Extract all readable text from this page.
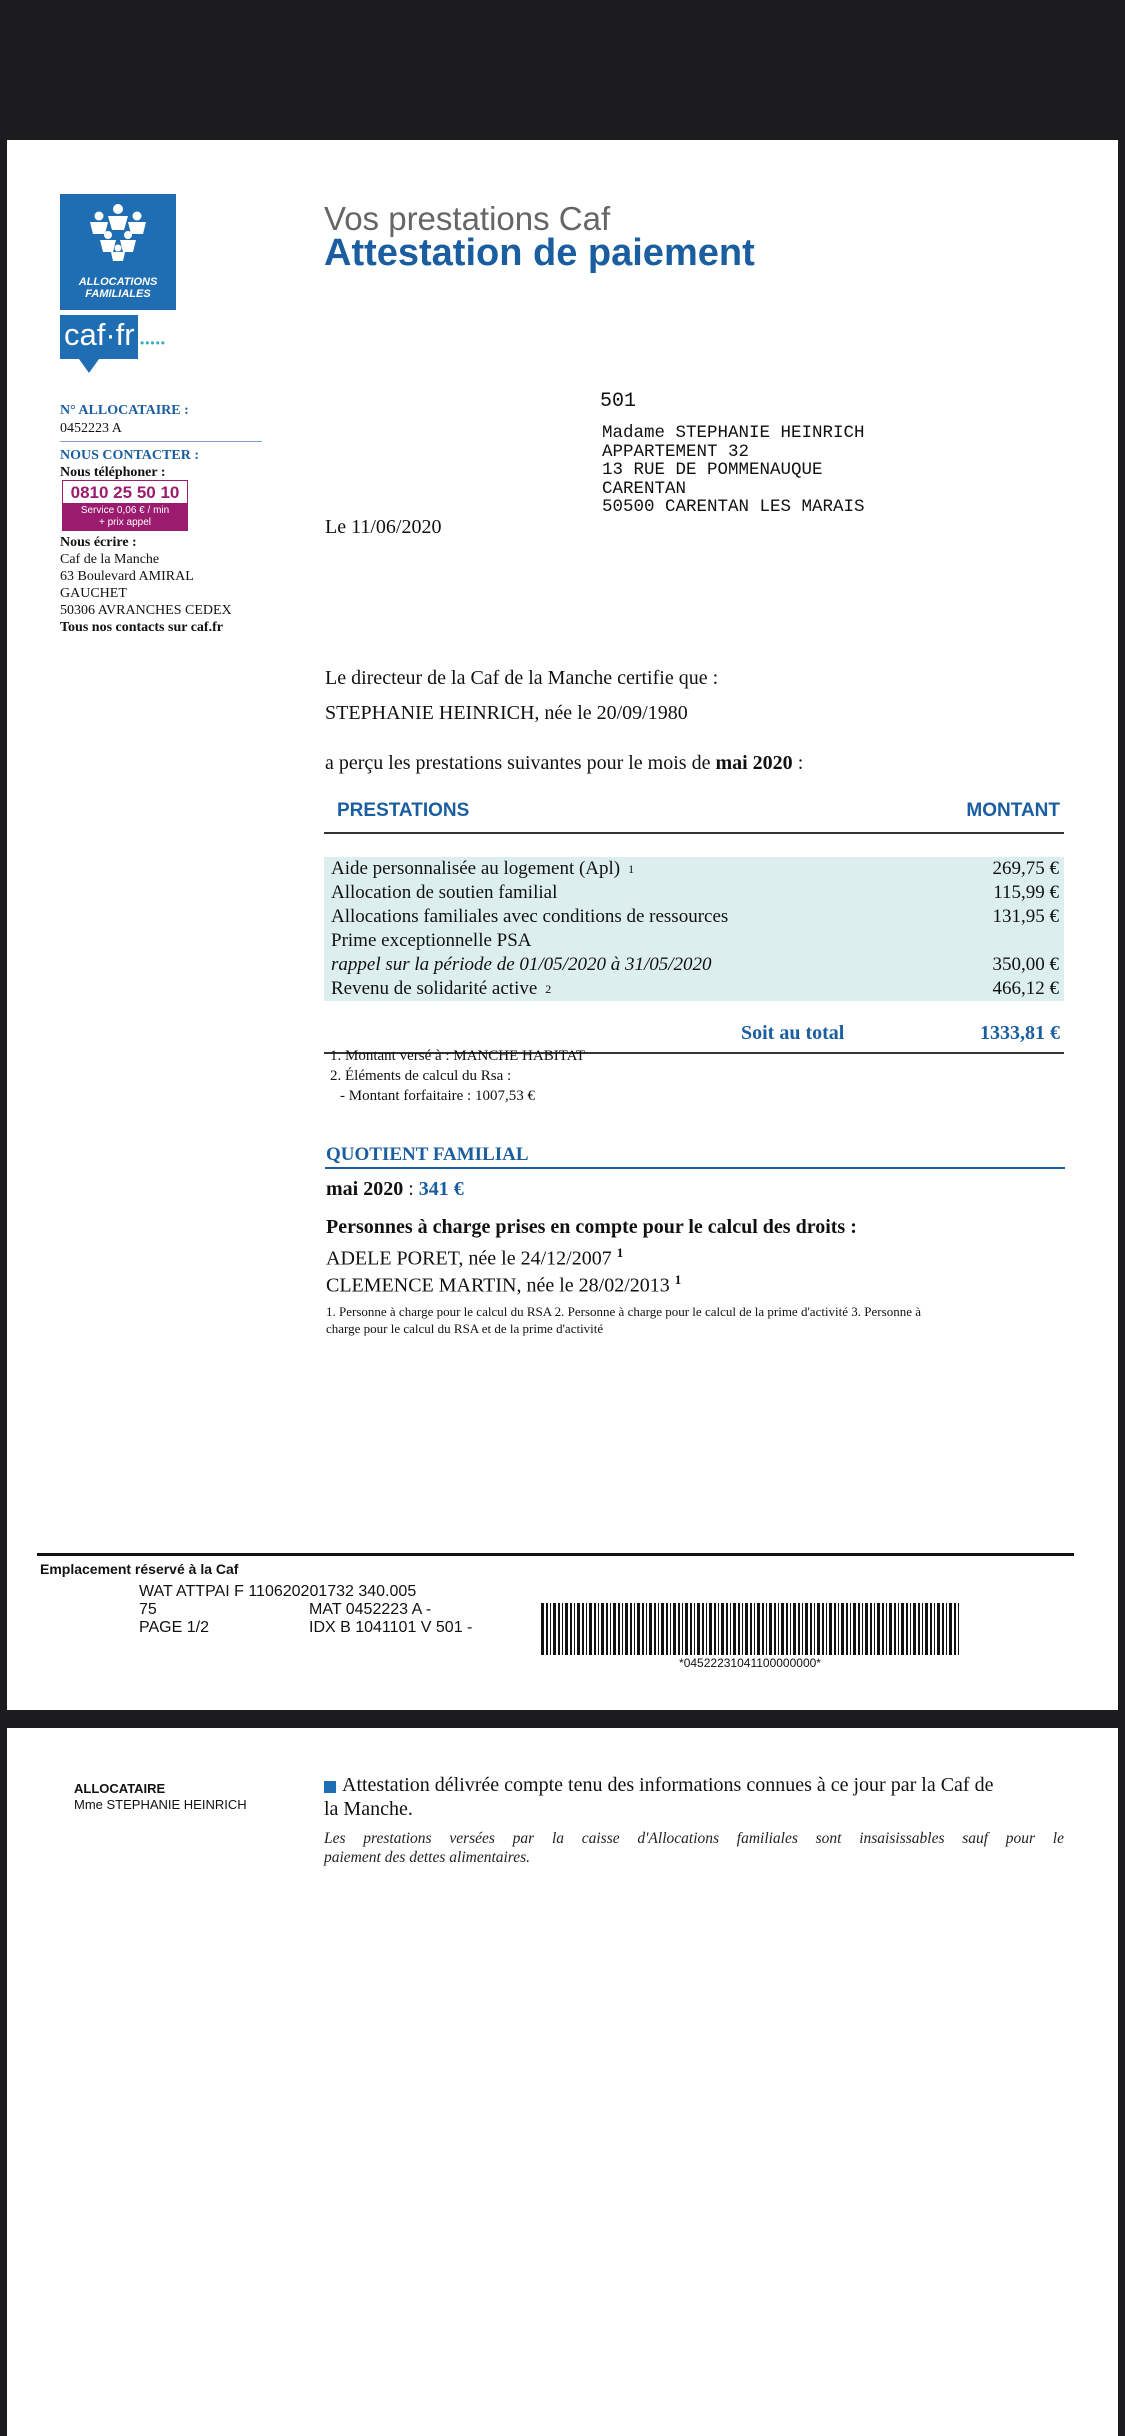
ALLOCATIONS
FAMILIALES
caf·fr •••••
N° ALLOCATAIRE :
0452223 A
NOUS CONTACTER :
Nous téléphoner :
0810 25 50 10
Service 0,06 € / min
+ prix appel
Nous écrire :
Caf de la Manche
63 Boulevard AMIRAL
GAUCHET
50306 AVRANCHES CEDEX
Tous nos contacts sur caf.fr
Vos prestations Caf
Attestation de paiement
501
Madame STEPHANIE HEINRICH
APPARTEMENT 32
13 RUE DE POMMENAUQUE
CARENTAN
50500 CARENTAN LES MARAIS
Le 11/06/2020
Le directeur de la Caf de la Manche certifie que :
STEPHANIE HEINRICH, née le 20/09/1980
a perçu les prestations suivantes pour le mois de mai 2020 :
PRESTATIONS	MONTANT
Aide personnalisée au logement (Apl) $^1$	269,75 €
Allocation de soutien familial	115,99 €
Allocations familiales avec conditions de ressources	131,95 €
Prime exceptionnelle PSA
rappel sur la période de 01/05/2020 à 31/05/2020	350,00 €
Revenu de solidarité active $^2$	466,12 €
Soit au total	1333,81 €
1. Montant versé à : MANCHE HABITAT
2. Éléments de calcul du Rsa :
- Montant forfaitaire : 1007,53 €
QUOTIENT FAMILIAL
mai 2020 : 341 €
Personnes à charge prises en compte pour le calcul des droits :
ADELE PORET, née le 24/12/2007 $^1$
CLEMENCE MARTIN, née le 28/02/2013 $^1$
1. Personne à charge pour le calcul du RSA 2. Personne à charge pour le calcul de la prime d'activité 3. Personne à
charge pour le calcul du RSA et de la prime d'activité
Emplacement réservé à la Caf
WAT ATTPAI F 110620201732 340.005
75	MAT 0452223 A -
PAGE 1/2	IDX B 1041101 V 501 -
*04522231041100000000*
ALLOCATAIRE
Mme STEPHANIE HEINRICH
Attestation délivrée compte tenu des informations connues à ce jour par la Caf de
la Manche.
Les prestations versées par la caisse d'Allocations familiales sont insaisissables sauf pour le
paiement des dettes alimentaires.
